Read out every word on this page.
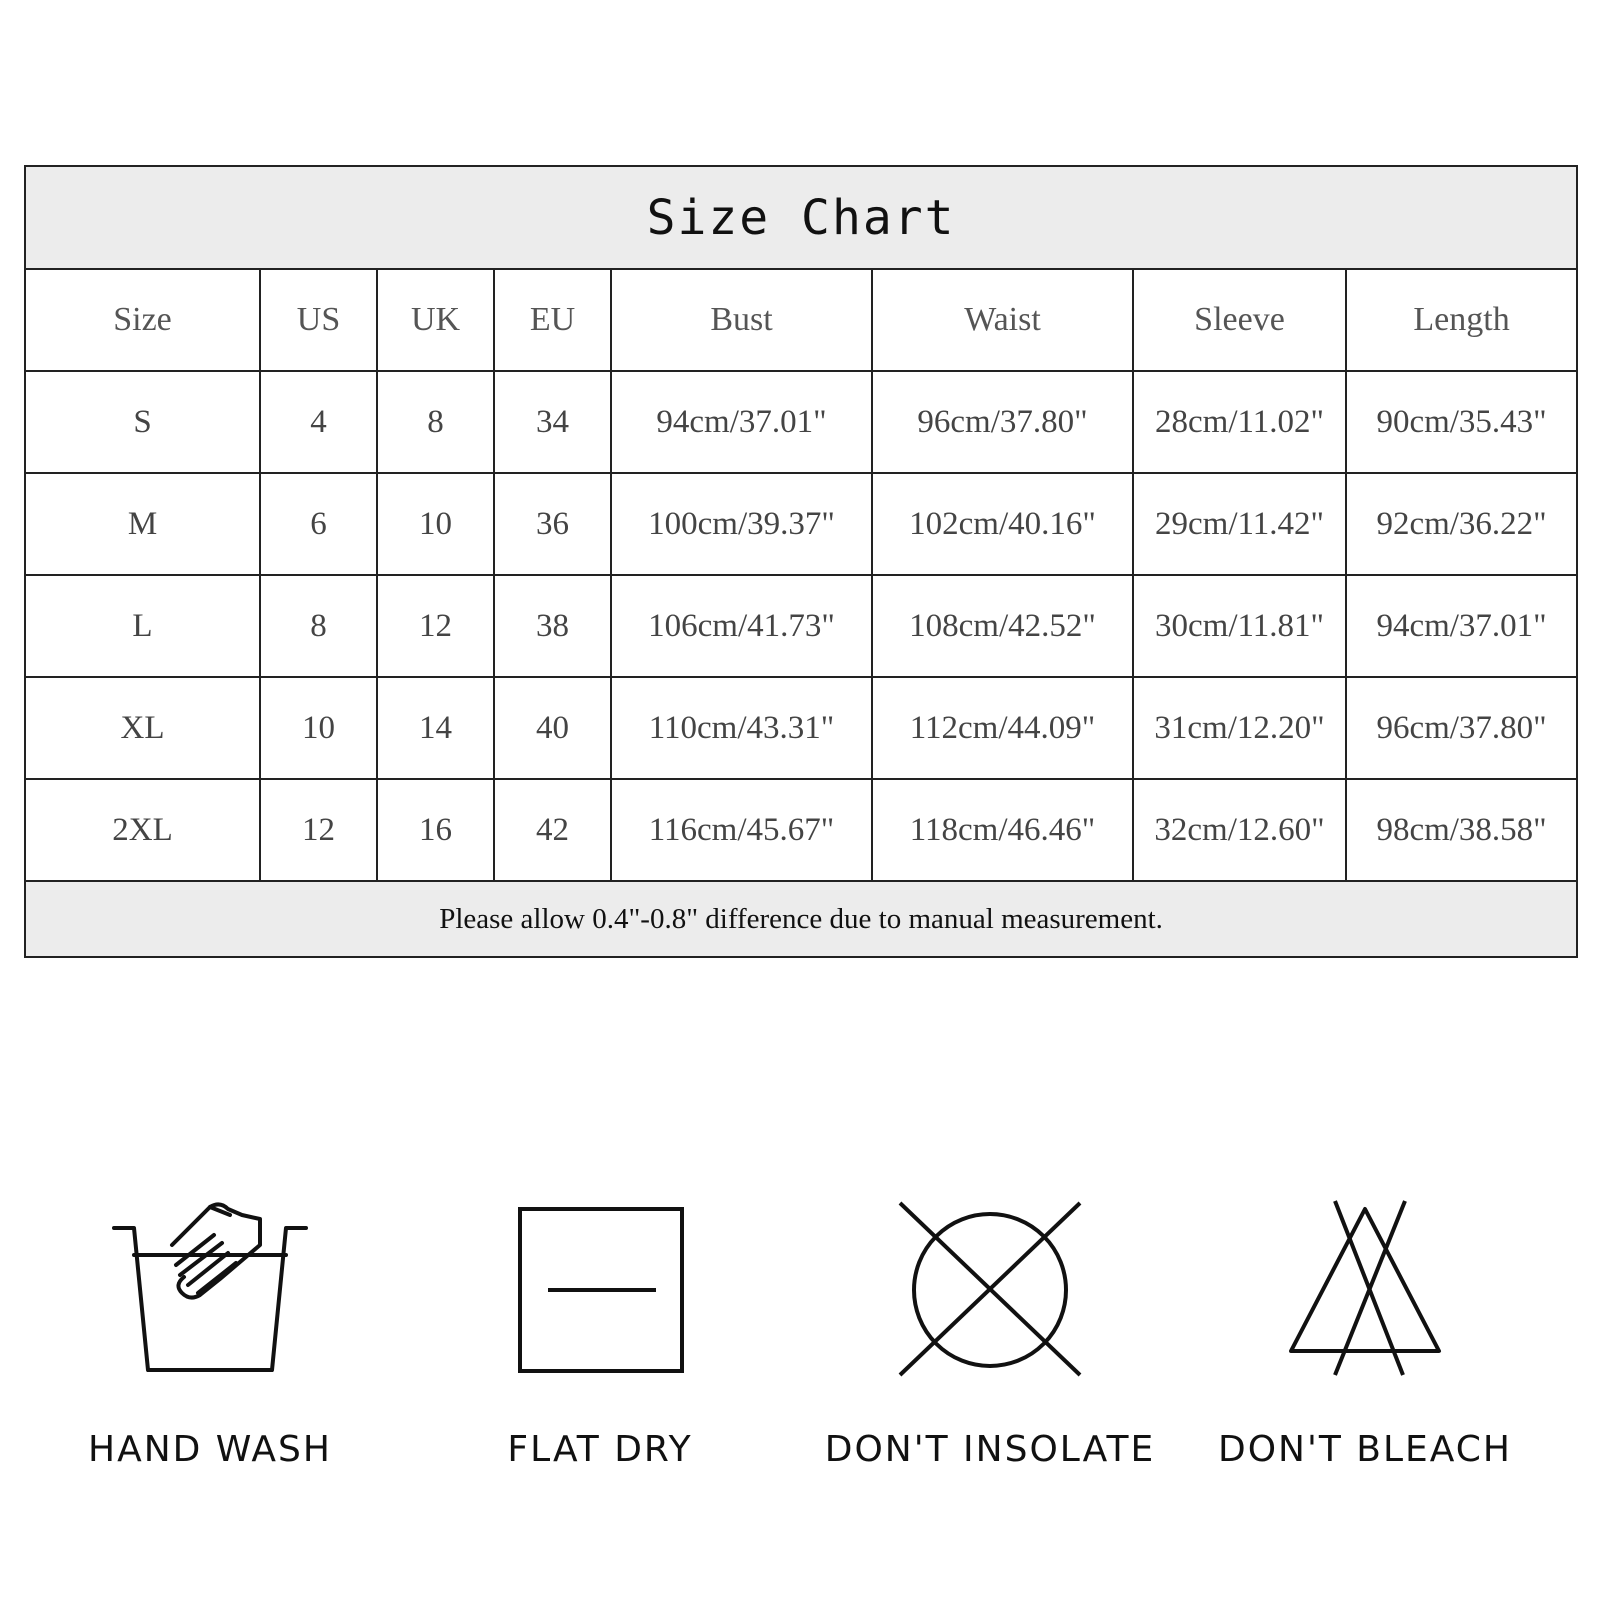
Size Chart							
Size	US	UK	EU	Bust	Waist	Sleeve	Length
S	4	8	34	94cm/37.01"	96cm/37.80"	28cm/11.02"	90cm/35.43"
M	6	10	36	100cm/39.37"	102cm/40.16"	29cm/11.42"	92cm/36.22"
L	8	12	38	106cm/41.73"	108cm/42.52"	30cm/11.81"	94cm/37.01"
XL	10	14	40	110cm/43.31"	112cm/44.09"	31cm/12.20"	96cm/37.80"
2XL	12	16	42	116cm/45.67"	118cm/46.46"	32cm/12.60"	98cm/38.58"
Please allow 0.4"-0.8" difference due to manual measurement.							
HAND WASH	FLAT DRY	DON'T INSOLATE	DON'T BLEACH
